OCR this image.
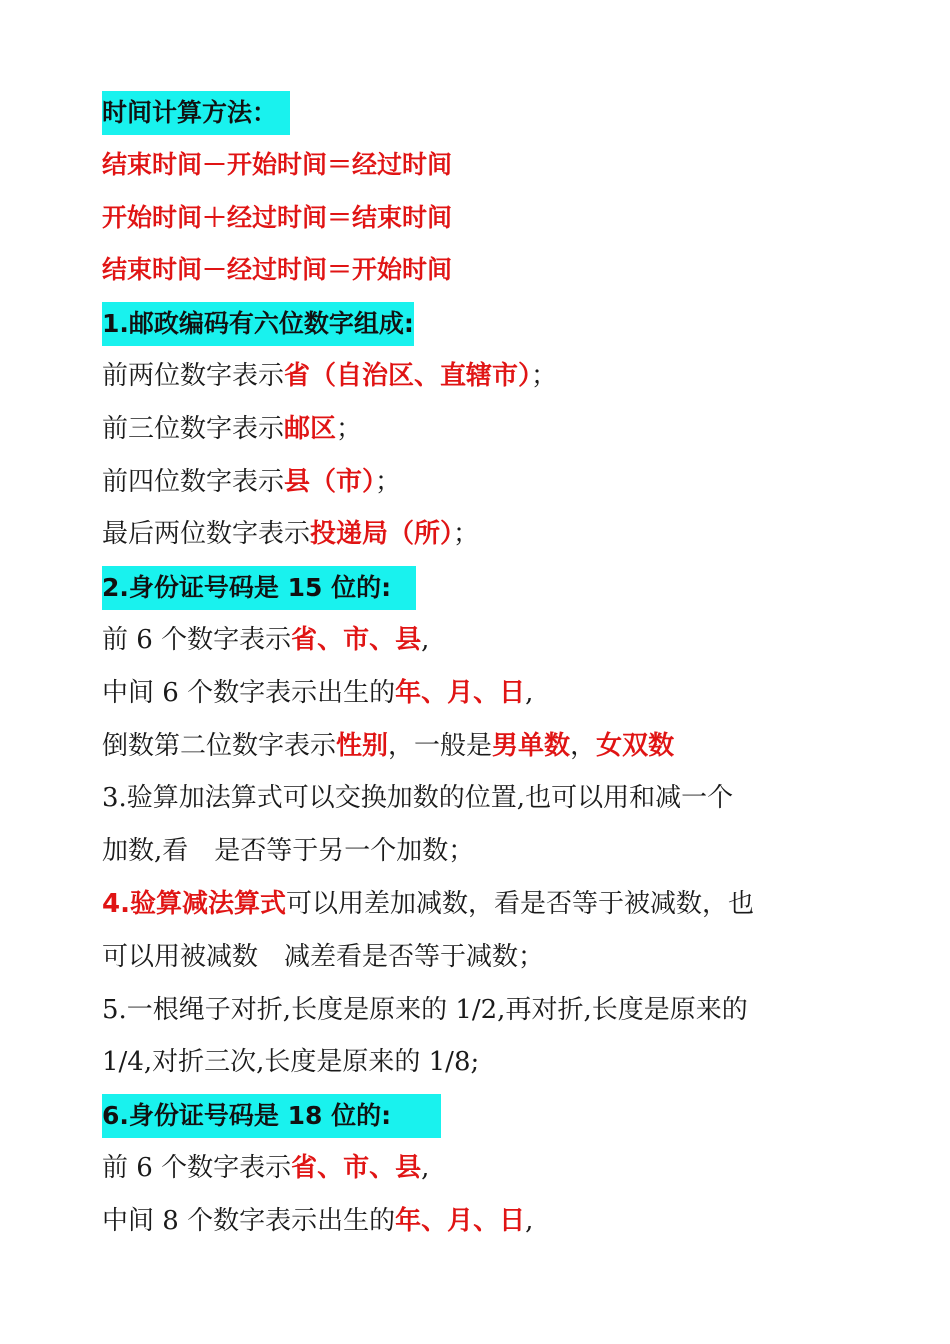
时间计算方法：　
结束时间－开始时间＝经过时间
开始时间＋经过时间＝结束时间
结束时间－经过时间＝开始时间
1.邮政编码有六位数字组成:
前两位数字表示省（自治区、直辖市）；
前三位数字表示邮区；
前四位数字表示县（市）；
最后两位数字表示投递局（所）；
2.身份证号码是 15 位的:　
前 6 个数字表示省、市、县,
中间 6 个数字表示出生的年、月、日,
倒数第二位数字表示性别，一般是男单数，女双数
3.验算加法算式可以交换加数的位置,也可以用和减一个
加数,看　是否等于另一个加数；
4.验算减法算式可以用差加减数，看是否等于被减数，也
可以用被减数　减差看是否等于减数；
5.一根绳子对折,长度是原来的 1/2,再对折,长度是原来的
1/4,对折三次,长度是原来的 1/8;
6.身份证号码是 18 位的:　　
前 6 个数字表示省、市、县,
中间 8 个数字表示出生的年、月、日,
